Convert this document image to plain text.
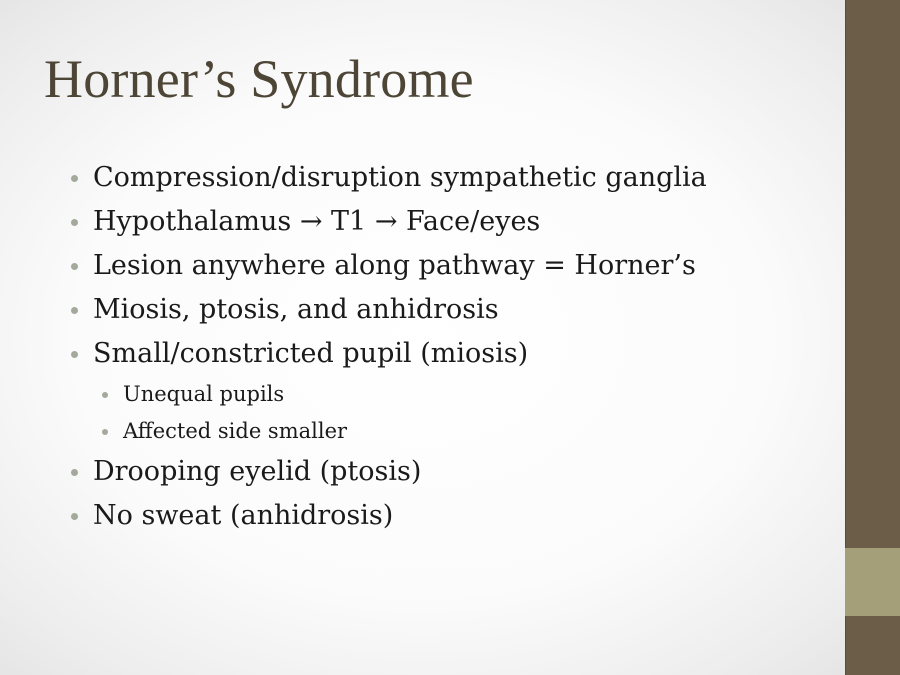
Horner’s Syndrome
Compression/disruption sympathetic ganglia
Hypothalamus → T1 → Face/eyes
Lesion anywhere along pathway = Horner’s
Miosis, ptosis, and anhidrosis
Small/constricted pupil (miosis)
Unequal pupils
Affected side smaller
Drooping eyelid (ptosis)
No sweat (anhidrosis)
